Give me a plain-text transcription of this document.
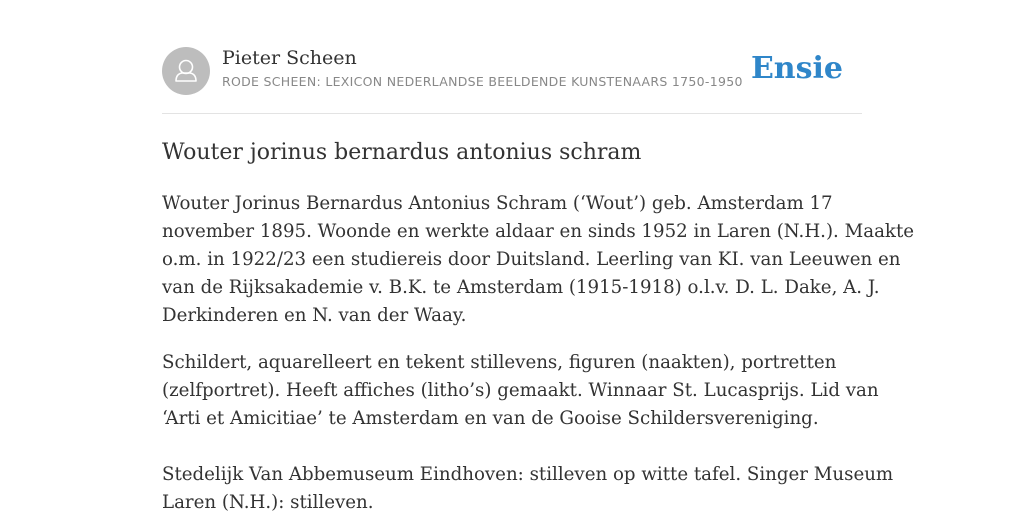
Pieter Scheen
RODE SCHEEN: LEXICON NEDERLANDSE BEELDENDE KUNSTENAARS 1750-1950 Ensie
Wouter jorinus bernardus antonius schram

Wouter Jorinus Bernardus Antonius Schram (‘Wout’) geb. Amsterdam 17
november 1895. Woonde en werkte aldaar en sinds 1952 in Laren (N.H.). Maakte
o.m. in 1922/23 een studiereis door Duitsland. Leerling van KI. van Leeuwen en
van de Rijksakademie v. B.K. te Amsterdam (1915-1918) o.l.v. D. L. Dake, A. J.
Derkinderen en N. van der Waay.

Schildert, aquarelleert en tekent stillevens, figuren (naakten), portretten
(zelfportret). Heeft affiches (litho’s) gemaakt. Winnaar St. Lucasprijs. Lid van
‘Arti et Amicitiae’ te Amsterdam en van de Gooise Schildersvereniging.

Stedelijk Van Abbemuseum Eindhoven: stilleven op witte tafel. Singer Museum
Laren (N.H.): stilleven.
